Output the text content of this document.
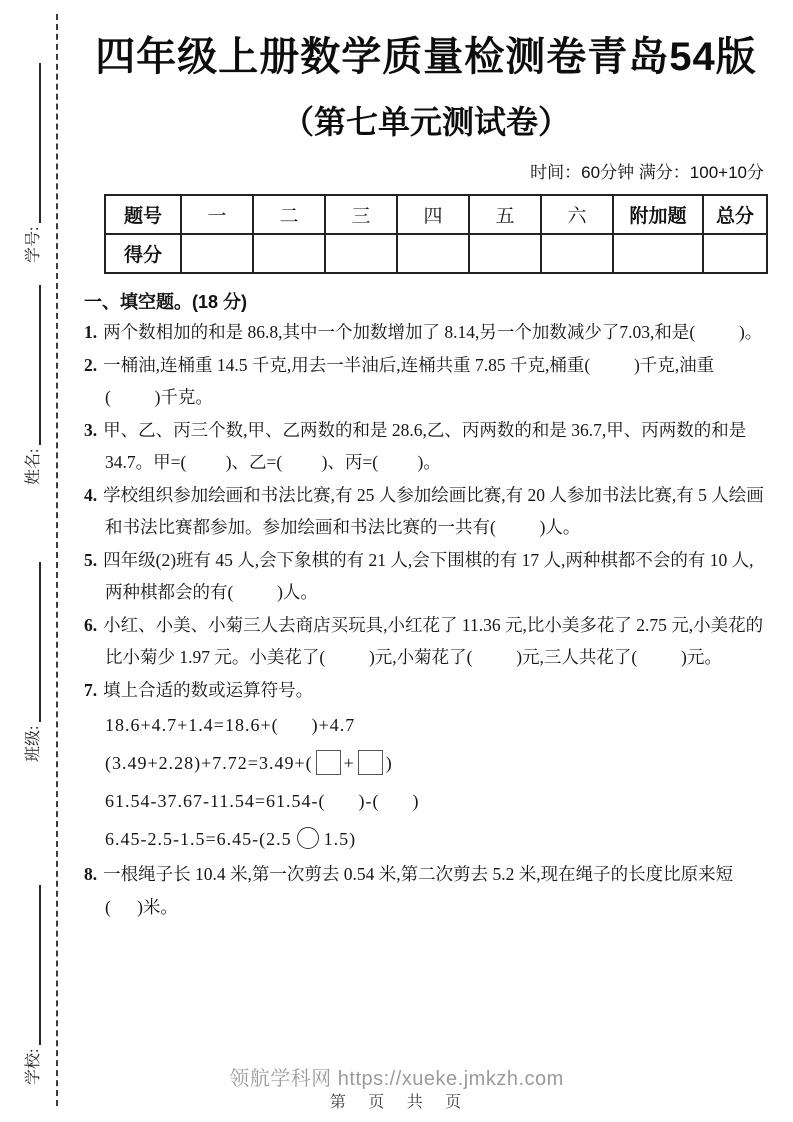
学号:
姓名:
班级:
学校:
四年级上册数学质量检测卷青岛54版
（第七单元测试卷）
时间：60分钟 满分：100+10分
题号	一	二	三	四	五	六	附加题	总分
得分								
一、填空题。(18 分)
1. 两个数相加的和是 86.8,其中一个加数增加了 8.14,另一个加数减少了7.03,和是(          )。
2. 一桶油,连桶重 14.5 千克,用去一半油后,连桶共重 7.85 千克,桶重(          )千克,油重(          )千克。
3. 甲、乙、丙三个数,甲、乙两数的和是 28.6,乙、丙两数的和是 36.7,甲、丙两数的和是 34.7。甲=(         )、乙=(         )、丙=(         )。
4. 学校组织参加绘画和书法比赛,有 25 人参加绘画比赛,有 20 人参加书法比赛,有 5 人绘画和书法比赛都参加。参加绘画和书法比赛的一共有(          )人。
5. 四年级(2)班有 45 人,会下象棋的有 21 人,会下围棋的有 17 人,两种棋都不会的有 10 人,两种棋都会的有(          )人。
6. 小红、小美、小菊三人去商店买玩具,小红花了 11.36 元,比小美多花了 2.75 元,小美花的比小菊少 1.97 元。小美花了(          )元,小菊花了(          )元,三人共花了(          )元。
7. 填上合适的数或运算符号。
18.6+4.7+1.4=18.6+(      )+4.7
(3.49+2.28)+7.72=3.49+( + )
61.54-37.67-11.54=61.54-(      )-(      )
6.45-2.5-1.5=6.45-(2.5 1.5)
8. 一根绳子长 10.4 米,第一次剪去 0.54 米,第二次剪去 5.2 米,现在绳子的长度比原来短(      )米。
领航学科网 https://xueke.jmkzh.com
第 页 共 页
